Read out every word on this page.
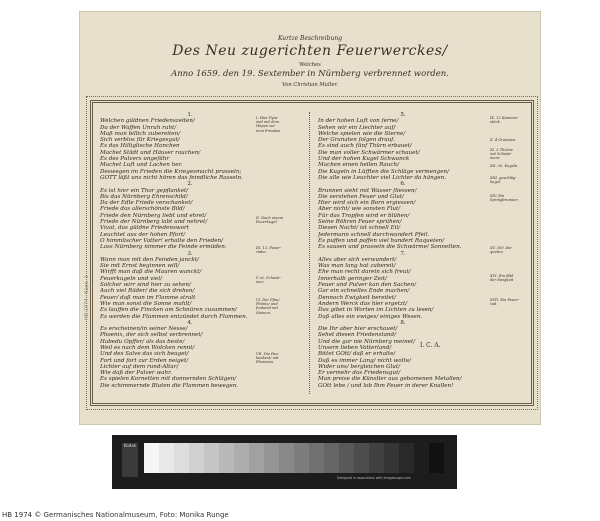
Kurtze Beschreibung
Des Neu zugerichten Feuerwerckes/
Welches
Anno 1659. den 19. Sextember in Nürnberg verbrennet worden.
Von Christian Muller.
1.
Welchen güldnen Friedenszeiten/
Da der Waffen Unruh ruht/
Maß man billich zubereiten/
Sich verblos für Kriegesgut/
Es das Hilliglische Hanchen
Machet Städt und Häuser rauchen/
Es des Pulvers ungefähr
Machet Luft und Lachen her.
Deswegen im Frieden die Kriegesmacht prasseln;
GOTT läßt uns nicht hören das feindliche Rasseln.
2.
Es ist hier ein Thor gepflanket/
Bis das Nürnberg Ehrenschild/
Da der Edle Friede verschanket/
Friede das allerschönste Bild/
Friede den Nürnberg liebt und ehret/
Friede der Nürnberg labt und nehret/
Vivat, das güldne Friedenswort
Leuchtet aus der hohen Pfort/
O himmlischer Vatter! erhalte den Frieden/
Lass Nürnberg nimmer die Feinde ermüden.
3.
Wann man mit den Feinden janckt/
Sie mit Ernst beginnen will/
Wirfft man daß die Mauren wanckt/
Feuerkugeln und viel/
Solcher wirr sind hier zu sehen/
Auch viel Räder/ die sich drehen/
Feuer/ daß man im Flamme stralt
Wie man sonst die Sonne mahlt/
Es lauffen die Fincken am Schnüren zusammen/
Es werden die Flammen entzündet durch Flammen.
4.
Es erscheinen/in seiner Nesse/
Phoenix, der sich selbst verbrennet/
Habedu Opffer/ als das beste/
Weil es nach dem Wolcken rennt/
Und des Salve das sich beuget/
Fort und fort zur Erden neiget/
Lichter auf dem rund-Altar/
Wie daß der Pulver wahr.
Es spielen Kornetten mit donnernden Schlägen/
Die schimmernde Bluten die Flammen bewegen.
5.
In der hohen Luft von ferne/
Sehen wir ein Liechter auf/
Welche spielen wie die Sterne/
Der Granaten folgen drauf.
Es sind auch fünf Thürn erbauet/
Die man voller Schwärmer schauet/
Und der hohen Kugel Schwanck
Machen einen hellen Rauch/
Die Kugeln in Lüfften die Schläge vermengen/
Die alle wie Leuchter viel Lichter da hängen.
6.
Brunnen sieht mit Wasser fliessen/
Die verstehen Feuer und Glut/
Hier wird sich ein Born ergiessen/
Aber nicht/ wie sonsten Flut/
Für das Tropfen wird er blühen/
Seine Röhren Feuer sprühen/
Diesen Nacht/ ist schnell Eil/
Jedermann schnell durchwundert Pfeil.
Es puffen und paffen viel hundert Raqueten/
Es sausen und prasseln die Schwärme/ Sonnetten.
7.
Alles aber sich verwundert/
Was man lang hat zubereit/
Ehe man recht darein sich freut/
Innerhalb geringer Zeit/
Feuer und Pulver kan den Sachen/
Gar ein schnelles Ende machen/
Dennoch Ewigkeit bereitet/
Andern Werck das hier ergetzt/
Das gibet in Worten im Lichten zu lesen/
Daß alles ein ewiges/ einiges Wesen.
8.
Die Ihr aber hier erschauet/
Sehet diesen Friedenstand/
Und die gar nie Nürnberg meinet/
Unsern lieben Vatterland/
Bittet GOtt/ daß er erhalte/
Daß es immer Lang/ nicht wolte/
Wider uns/ bergleichen Glut/
Er vermehr das Friedensgut/
Man preise die Künstler aus gebomenen Metallen/
GOtt lebe / und lob Ihm Feuer in derer Knallen!
I. Hier Pyra-
mid mit dem
Wapen sei-
nem Freuden
II. Nach einem
Feuerkugel
III. 12. Feuer-
räder.
V. et. Schwär-
mer.
VI. Der Pfau/
Phönix/ und
funkend mit
Steinen.
VII. Die Pau-
kenkest/ mit
Flammen.
IX. 12 Kammer-
stück.
X. 4 Granaten.
XI. 5 Thürne
mit Schwär-
mern.
XII. 30. Kugeln.
XIII. geschläg-
kugel.
XIV. Ein
Springbrunnen
XV. 300. Ra-
queten.
XVI. Ein Bild
der Ewigkeit
XVII. Ein Feuer-
rad.
I. C. A.
HB 1974 · Kaps. 1
Kodak
Designed in association with imagescope.com
HB 1974 © Germanisches Nationalmuseum, Foto: Monika Runge
